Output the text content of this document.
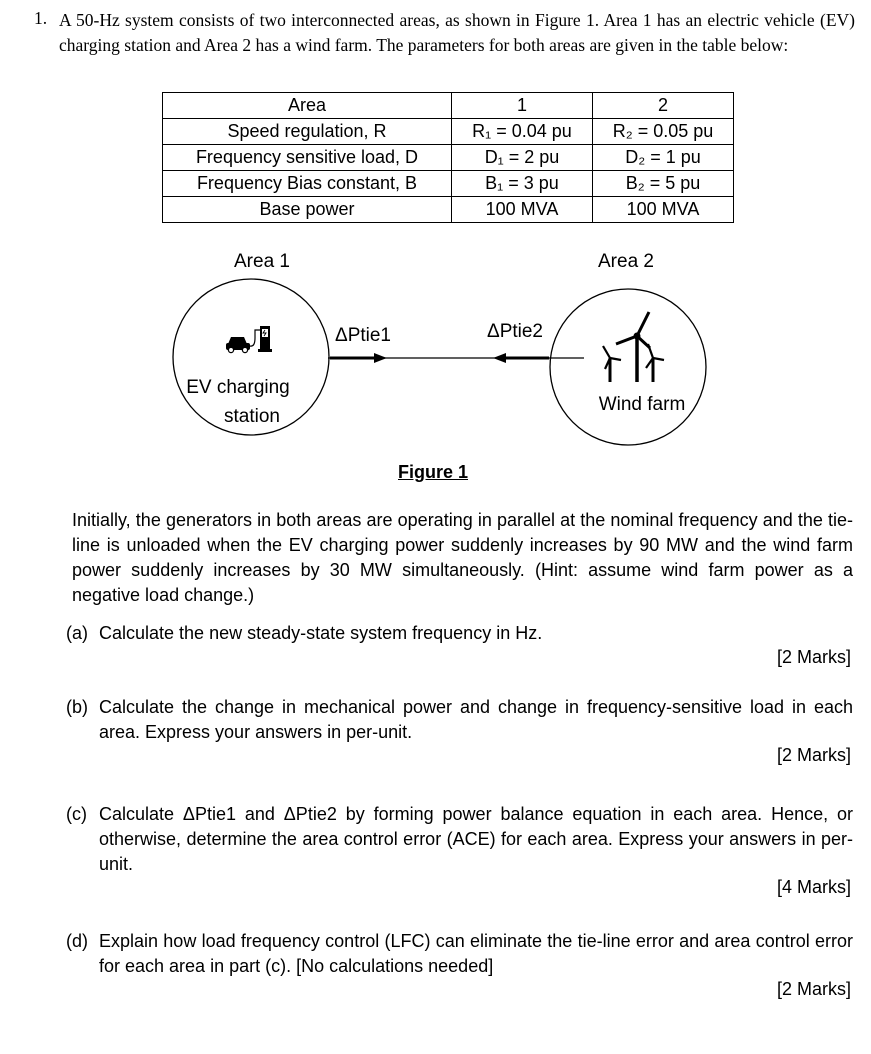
1. A 50-Hz system consists of two interconnected areas, as shown in Figure 1. Area 1 has an electric vehicle (EV) charging station and Area 2 has a wind farm. The parameters for both areas are given in the table below:
Area	1	2
Speed regulation, R	R₁ = 0.04 pu	R₂ = 0.05 pu
Frequency sensitive load, D	D₁ = 2 pu	D₂ = 1 pu
Frequency Bias constant, B	B₁ = 3 pu	B₂ = 5 pu
Base power	100 MVA	100 MVA
Area 1	Area 2
ΔPtie1	ΔPtie2
EV charging
station
Wind farm
Figure 1
Initially, the generators in both areas are operating in parallel at the nominal frequency and the tie-line is unloaded when the EV charging power suddenly increases by 90 MW and the wind farm power suddenly increases by 30 MW simultaneously. (Hint: assume wind farm power as a negative load change.)
(a) Calculate the new steady-state system frequency in Hz.
[2 Marks]
(b) Calculate the change in mechanical power and change in frequency-sensitive load in each area. Express your answers in per-unit.
[2 Marks]
(c) Calculate ΔPtie1 and ΔPtie2 by forming power balance equation in each area. Hence, or otherwise, determine the area control error (ACE) for each area. Express your answers in per-unit.
[4 Marks]
(d) Explain how load frequency control (LFC) can eliminate the tie-line error and area control error for each area in part (c). [No calculations needed]
[2 Marks]
